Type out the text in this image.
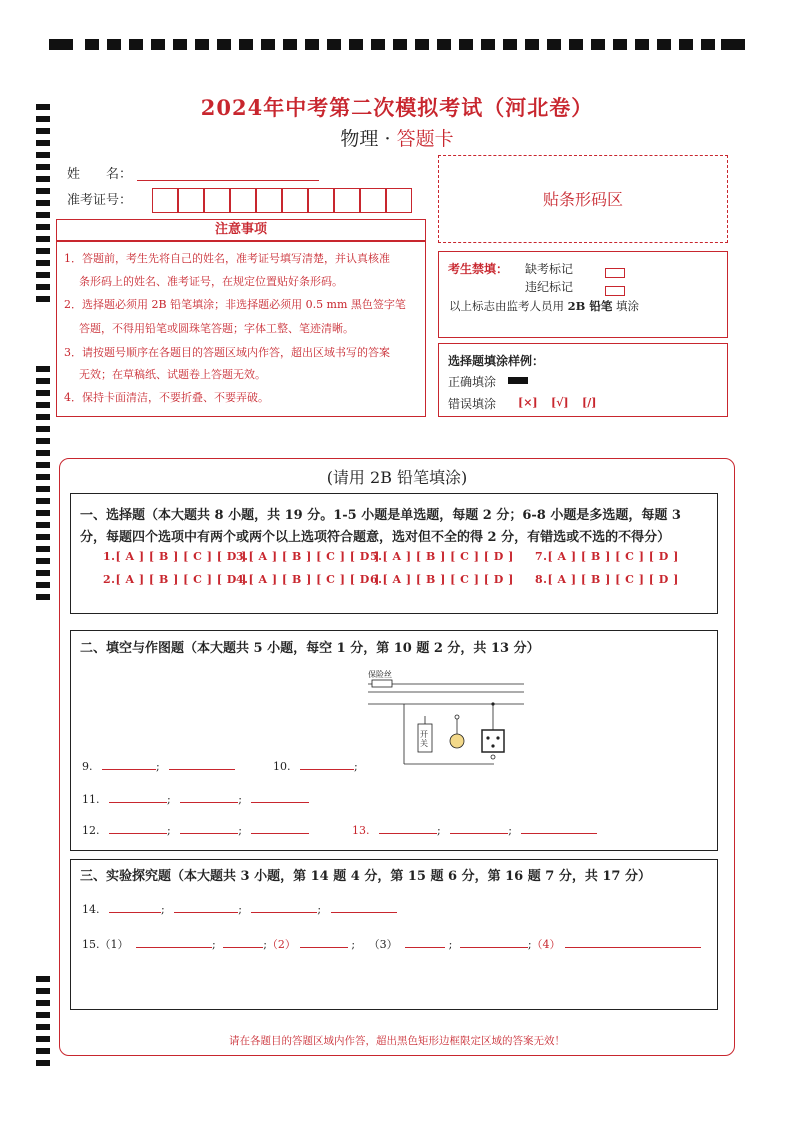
2024年中考第二次模拟考试（河北卷）
物理 · 答题卡
姓　　名：
准考证号：	贴条形码区
注意事项
1．答题前，考生先将自己的姓名，准考证号填写清楚，并认真核准
条形码上的姓名、准考证号，在规定位置贴好条形码。
2．选择题必须用 2B 铅笔填涂；非选择题必须用 0.5 mm 黑色签字笔
答题，不得用铅笔或圆珠笔答题；字体工整、笔迹清晰。
3．请按题号顺序在各题目的答题区域内作答，超出区域书写的答案
无效；在草稿纸、试题卷上答题无效。
4．保持卡面清洁，不要折叠、不要弄破。
考生禁填： 缺考标记
违纪标记
以上标志由监考人员用 2B 铅笔 填涂
选择题填涂样例：
正确填涂
错误填涂 [×] [√] [/]
(请用 2B 铅笔填涂)
一、选择题（本大题共 8 小题，共 19 分。1-5 小题是单选题，每题 2 分；6-8 小题是多选题，每题 3
分，每题四个选项中有两个或两个以上选项符合题意，选对但不全的得 2 分，有错选或不选的不得分）
1.[ A ] [ B ] [ C ] [ D ]
2.[ A ] [ B ] [ C ] [ D ]
3.[ A ] [ B ] [ C ] [ D ]
4.[ A ] [ B ] [ C ] [ D ]
5.[ A ] [ B ] [ C ] [ D ]
6.[ A ] [ B ] [ C ] [ D ]
7.[ A ] [ B ] [ C ] [ D ]
8.[ A ] [ B ] [ C ] [ D ]
二、填空与作图题（本大题共 5 小题，每空 1 分，第 10 题 2 分，共 13 分）
保险丝
开关
9.	;	10.	;
11.	;	;
12.	;	;	13.	;	;
三、实验探究题（本大题共 3 小题，第 14 题 4 分，第 15 题 6 分，第 16 题 7 分，共 17 分）
14.	;	;	;
15.（1）	;	;（2）	; （3）	;	;（4）
请在各题目的答题区域内作答，超出黑色矩形边框限定区域的答案无效！
